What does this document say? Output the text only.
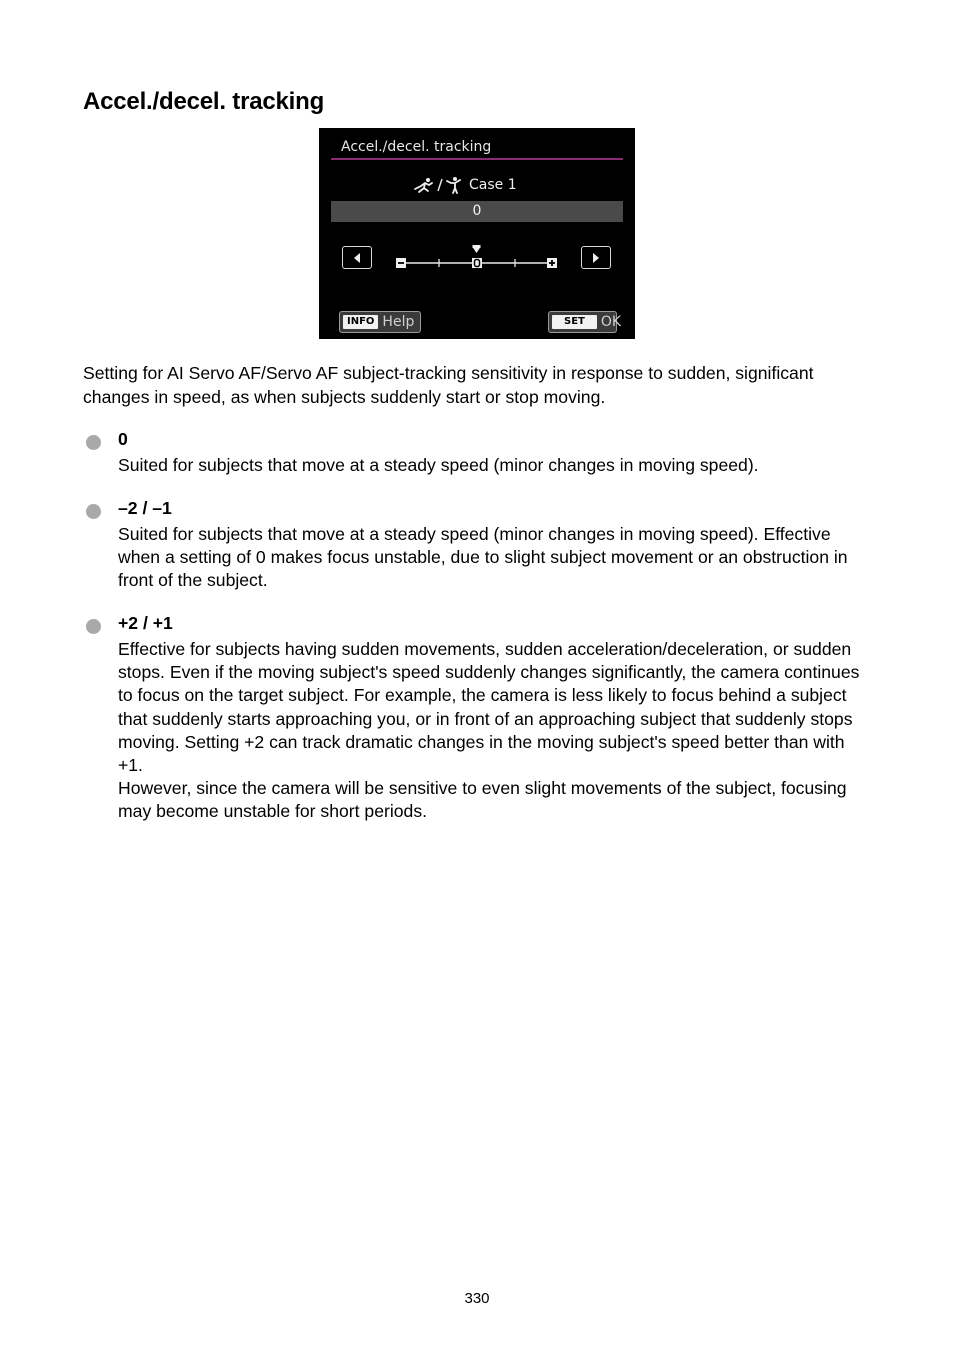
Accel./decel. tracking
Accel./decel. tracking
Case 1
0
INFO Help	SET	OK

Setting for AI Servo AF/Servo AF subject-tracking sensitivity in response to sudden, significant changes in speed, as when subjects suddenly start or stop moving.

0

Suited for subjects that move at a steady speed (minor changes in moving speed).

–2 / –1

Suited for subjects that move at a steady speed (minor changes in moving speed). Effective when a setting of 0 makes focus unstable, due to slight subject movement or an obstruction in front of the subject.

+2 / +1

Effective for subjects having sudden movements, sudden acceleration/deceleration, or sudden stops. Even if the moving subject's speed suddenly changes significantly, the camera continues to focus on the target subject. For example, the camera is less likely to focus behind a subject that suddenly starts approaching you, or in front of an approaching subject that suddenly stops moving. Setting +2 can track dramatic changes in the moving subject's speed better than with +1.

However, since the camera will be sensitive to even slight movements of the subject, focusing may become unstable for short periods.

330
